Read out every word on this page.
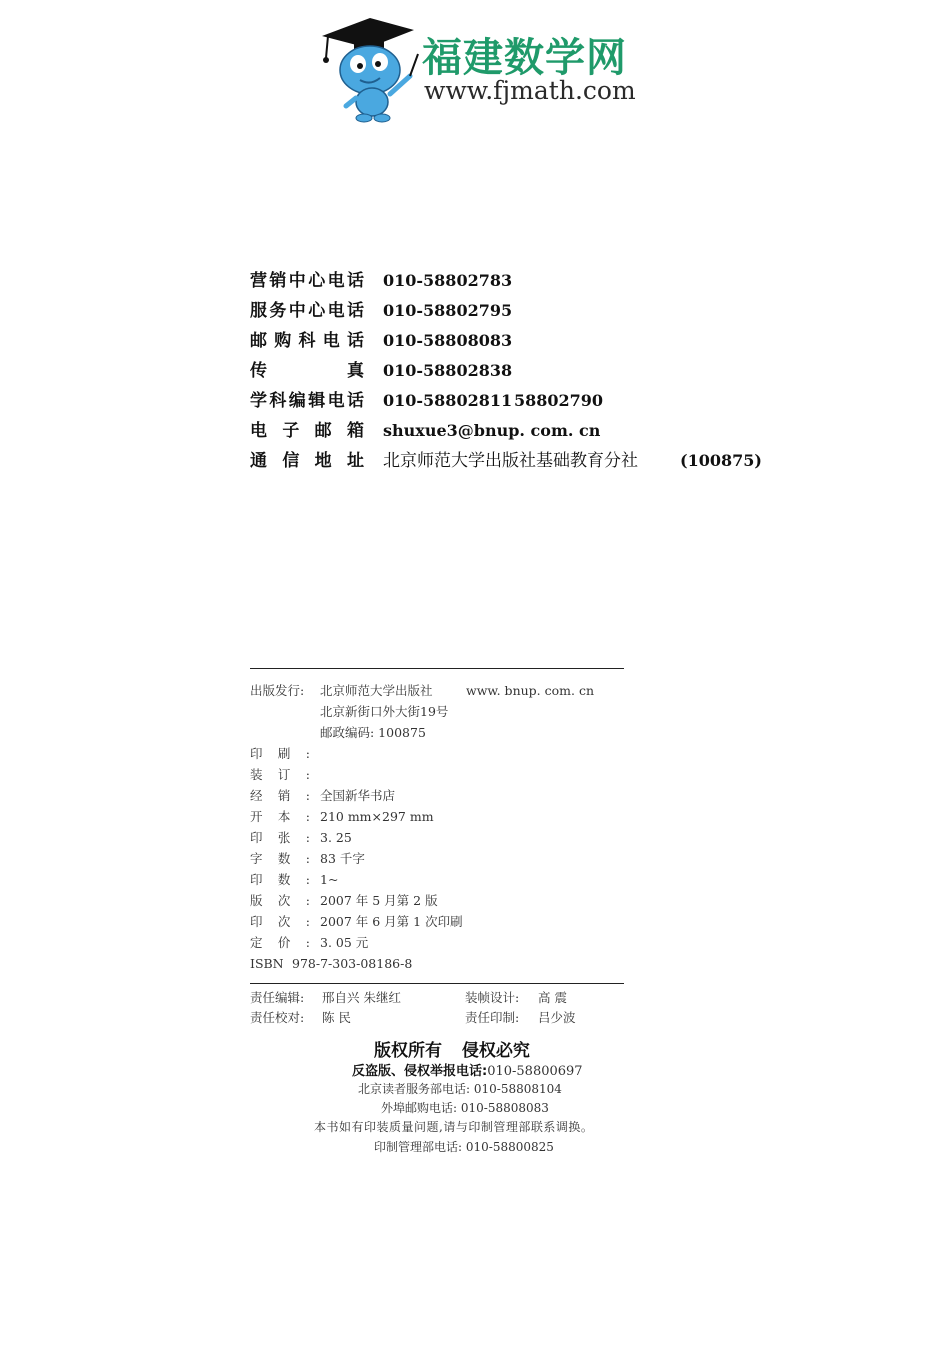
福建数学网
www.fjmath.com
营销中心电话 010-58802783
服务中心电话 010-58802795
邮购科电话 010-58808083
传真 010-58802838
学科编辑电话 010-58802811 58802790
电子邮箱 shuxue3@bnup. com. cn
通信地址 北京师范大学出版社基础教育分社	(100875)
出版发行:	北京师范大学出版社	www. bnup. com. cn
北京新街口外大街19号
邮政编码: 100875
印刷:
装订:
经销: 全国新华书店
开本: 210 mm×297 mm
印张: 3. 25
字数: 83 千字
印数: 1~
版次: 2007 年 5 月第 2 版
印次: 2007 年 6 月第 1 次印刷
定价: 3. 05 元
ISBN 978-7-303-08186-8
责任编辑: 邢自兴 朱继红	装帧设计: 高 震
责任校对: 陈 民	责任印制: 吕少波
版权所有 侵权必究
反盗版、侵权举报电话:010-58800697
北京读者服务部电话: 010-58808104
外埠邮购电话: 010-58808083
本书如有印装质量问题,请与印制管理部联系调换。
印制管理部电话: 010-58800825
